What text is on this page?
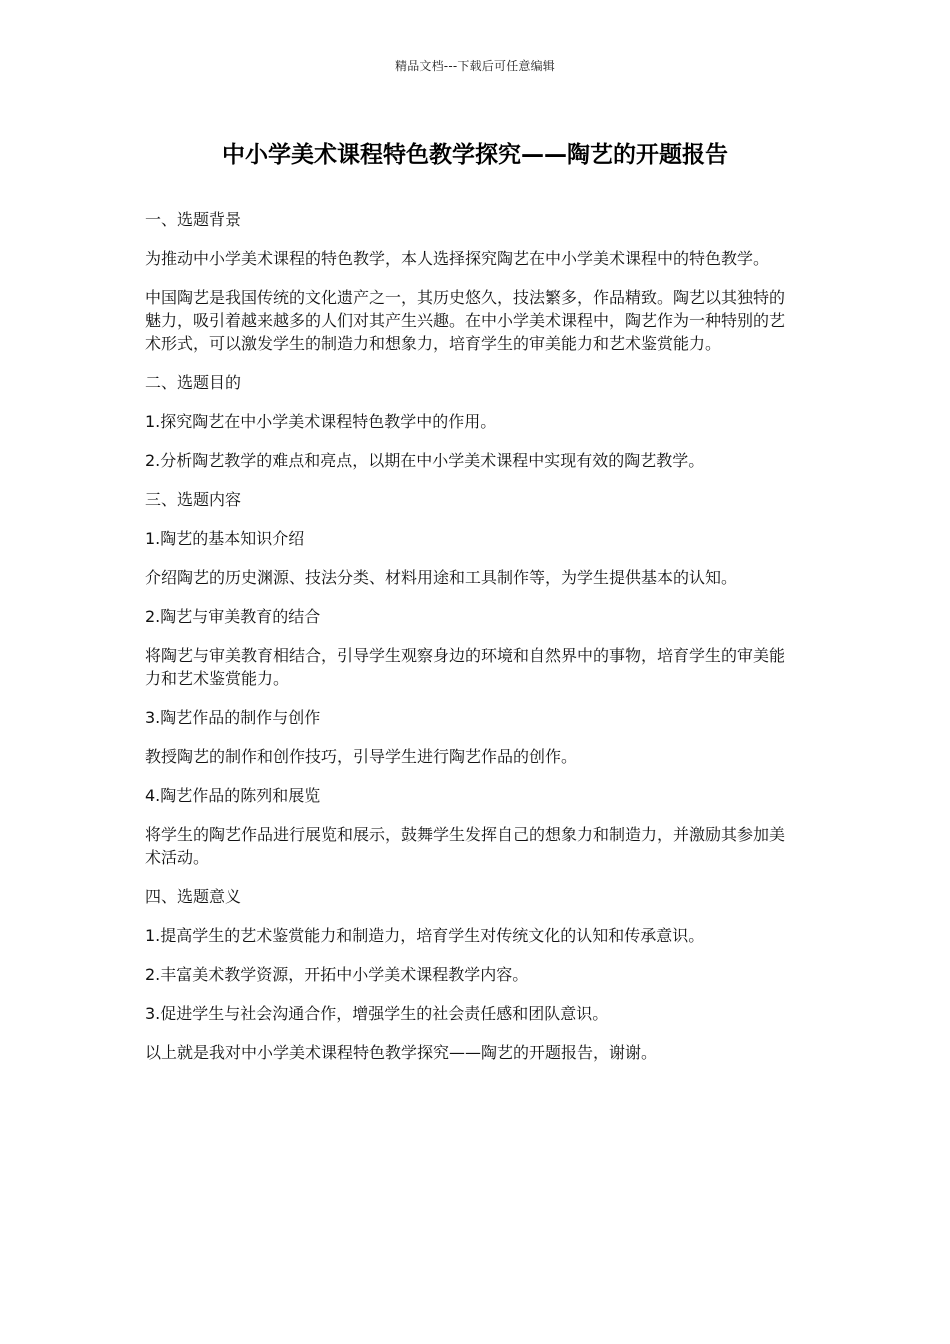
精品文档---下载后可任意编辑
中小学美术课程特色教学探究——陶艺的开题报告

一、选题背景

为推动中小学美术课程的特色教学，本人选择探究陶艺在中小学美术课程中的特色教学。

中国陶艺是我国传统的文化遗产之一，其历史悠久，技法繁多，作品精致。陶艺以其独特的魅力，吸引着越来越多的人们对其产生兴趣。在中小学美术课程中，陶艺作为一种特别的艺术形式，可以激发学生的制造力和想象力，培育学生的审美能力和艺术鉴赏能力。

二、选题目的

1.探究陶艺在中小学美术课程特色教学中的作用。

2.分析陶艺教学的难点和亮点，以期在中小学美术课程中实现有效的陶艺教学。

三、选题内容

1.陶艺的基本知识介绍

介绍陶艺的历史渊源、技法分类、材料用途和工具制作等，为学生提供基本的认知。

2.陶艺与审美教育的结合

将陶艺与审美教育相结合，引导学生观察身边的环境和自然界中的事物，培育学生的审美能力和艺术鉴赏能力。

3.陶艺作品的制作与创作

教授陶艺的制作和创作技巧，引导学生进行陶艺作品的创作。

4.陶艺作品的陈列和展览

将学生的陶艺作品进行展览和展示，鼓舞学生发挥自己的想象力和制造力，并激励其参加美术活动。

四、选题意义

1.提高学生的艺术鉴赏能力和制造力，培育学生对传统文化的认知和传承意识。

2.丰富美术教学资源，开拓中小学美术课程教学内容。

3.促进学生与社会沟通合作，增强学生的社会责任感和团队意识。

以上就是我对中小学美术课程特色教学探究——陶艺的开题报告，谢谢。
